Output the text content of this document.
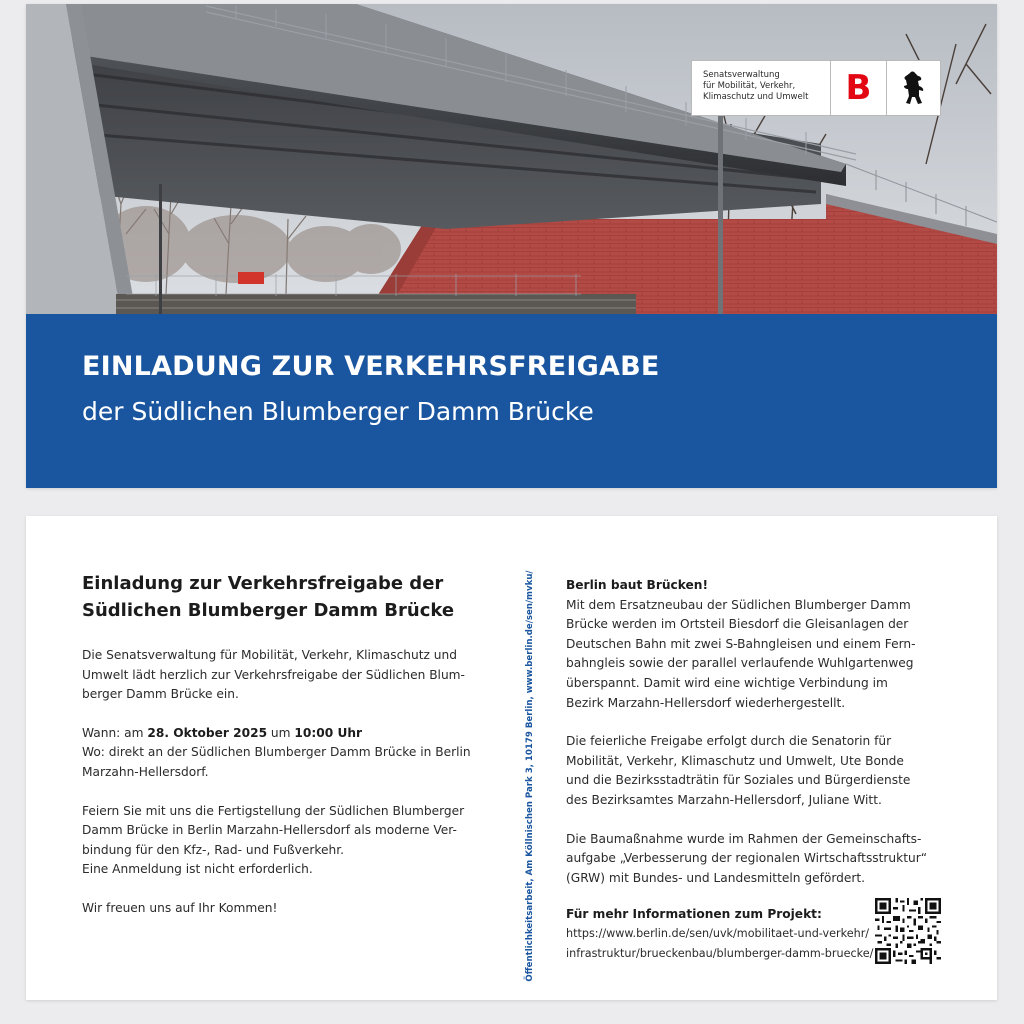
Senatsverwaltung
für Mobilität, Verkehr,
Klimaschutz und Umwelt	B
EINLADUNG ZUR VERKEHRSFREIGABE
der Südlichen Blumberger Damm Brücke
Einladung zur Verkehrsfreigabe der
Südlichen Blumberger Damm Brücke
Die Senatsverwaltung für Mobilität, Verkehr, Klimaschutz und
Umwelt lädt herzlich zur Verkehrsfreigabe der Südlichen Blum-
berger Damm Brücke ein.
Wann: am 28. Oktober 2025 um 10:00 Uhr
Wo: direkt an der Südlichen Blumberger Damm Brücke in Berlin
Marzahn-Hellersdorf.
Feiern Sie mit uns die Fertigstellung der Südlichen Blumberger
Damm Brücke in Berlin Marzahn-Hellersdorf als moderne Ver-
bindung für den Kfz-, Rad- und Fußverkehr.
Eine Anmeldung ist nicht erforderlich.
Wir freuen uns auf Ihr Kommen!	Öffentlichkeitsarbeit, Am Köllnischen Park 3, 10179 Berlin, www.berlin.de/sen/mvku/	Berlin baut Brücken!
Mit dem Ersatzneubau der Südlichen Blumberger Damm
Brücke werden im Ortsteil Biesdorf die Gleisanlagen der
Deutschen Bahn mit zwei S-Bahngleisen und einem Fern-
bahngleis sowie der parallel verlaufende Wuhlgartenweg
überspannt. Damit wird eine wichtige Verbindung im
Bezirk Marzahn-Hellersdorf wiederhergestellt.
Die feierliche Freigabe erfolgt durch die Senatorin für
Mobilität, Verkehr, Klimaschutz und Umwelt, Ute Bonde
und die Bezirksstadträtin für Soziales und Bürgerdienste
des Bezirksamtes Marzahn-Hellersdorf, Juliane Witt.
Die Baumaßnahme wurde im Rahmen der Gemeinschafts-
aufgabe „Verbesserung der regionalen Wirtschaftsstruktur“
(GRW) mit Bundes- und Landesmitteln gefördert.
Für mehr Informationen zum Projekt:
https://www.berlin.de/sen/uvk/mobilitaet-und-verkehr/
infrastruktur/brueckenbau/blumberger-damm-bruecke/
